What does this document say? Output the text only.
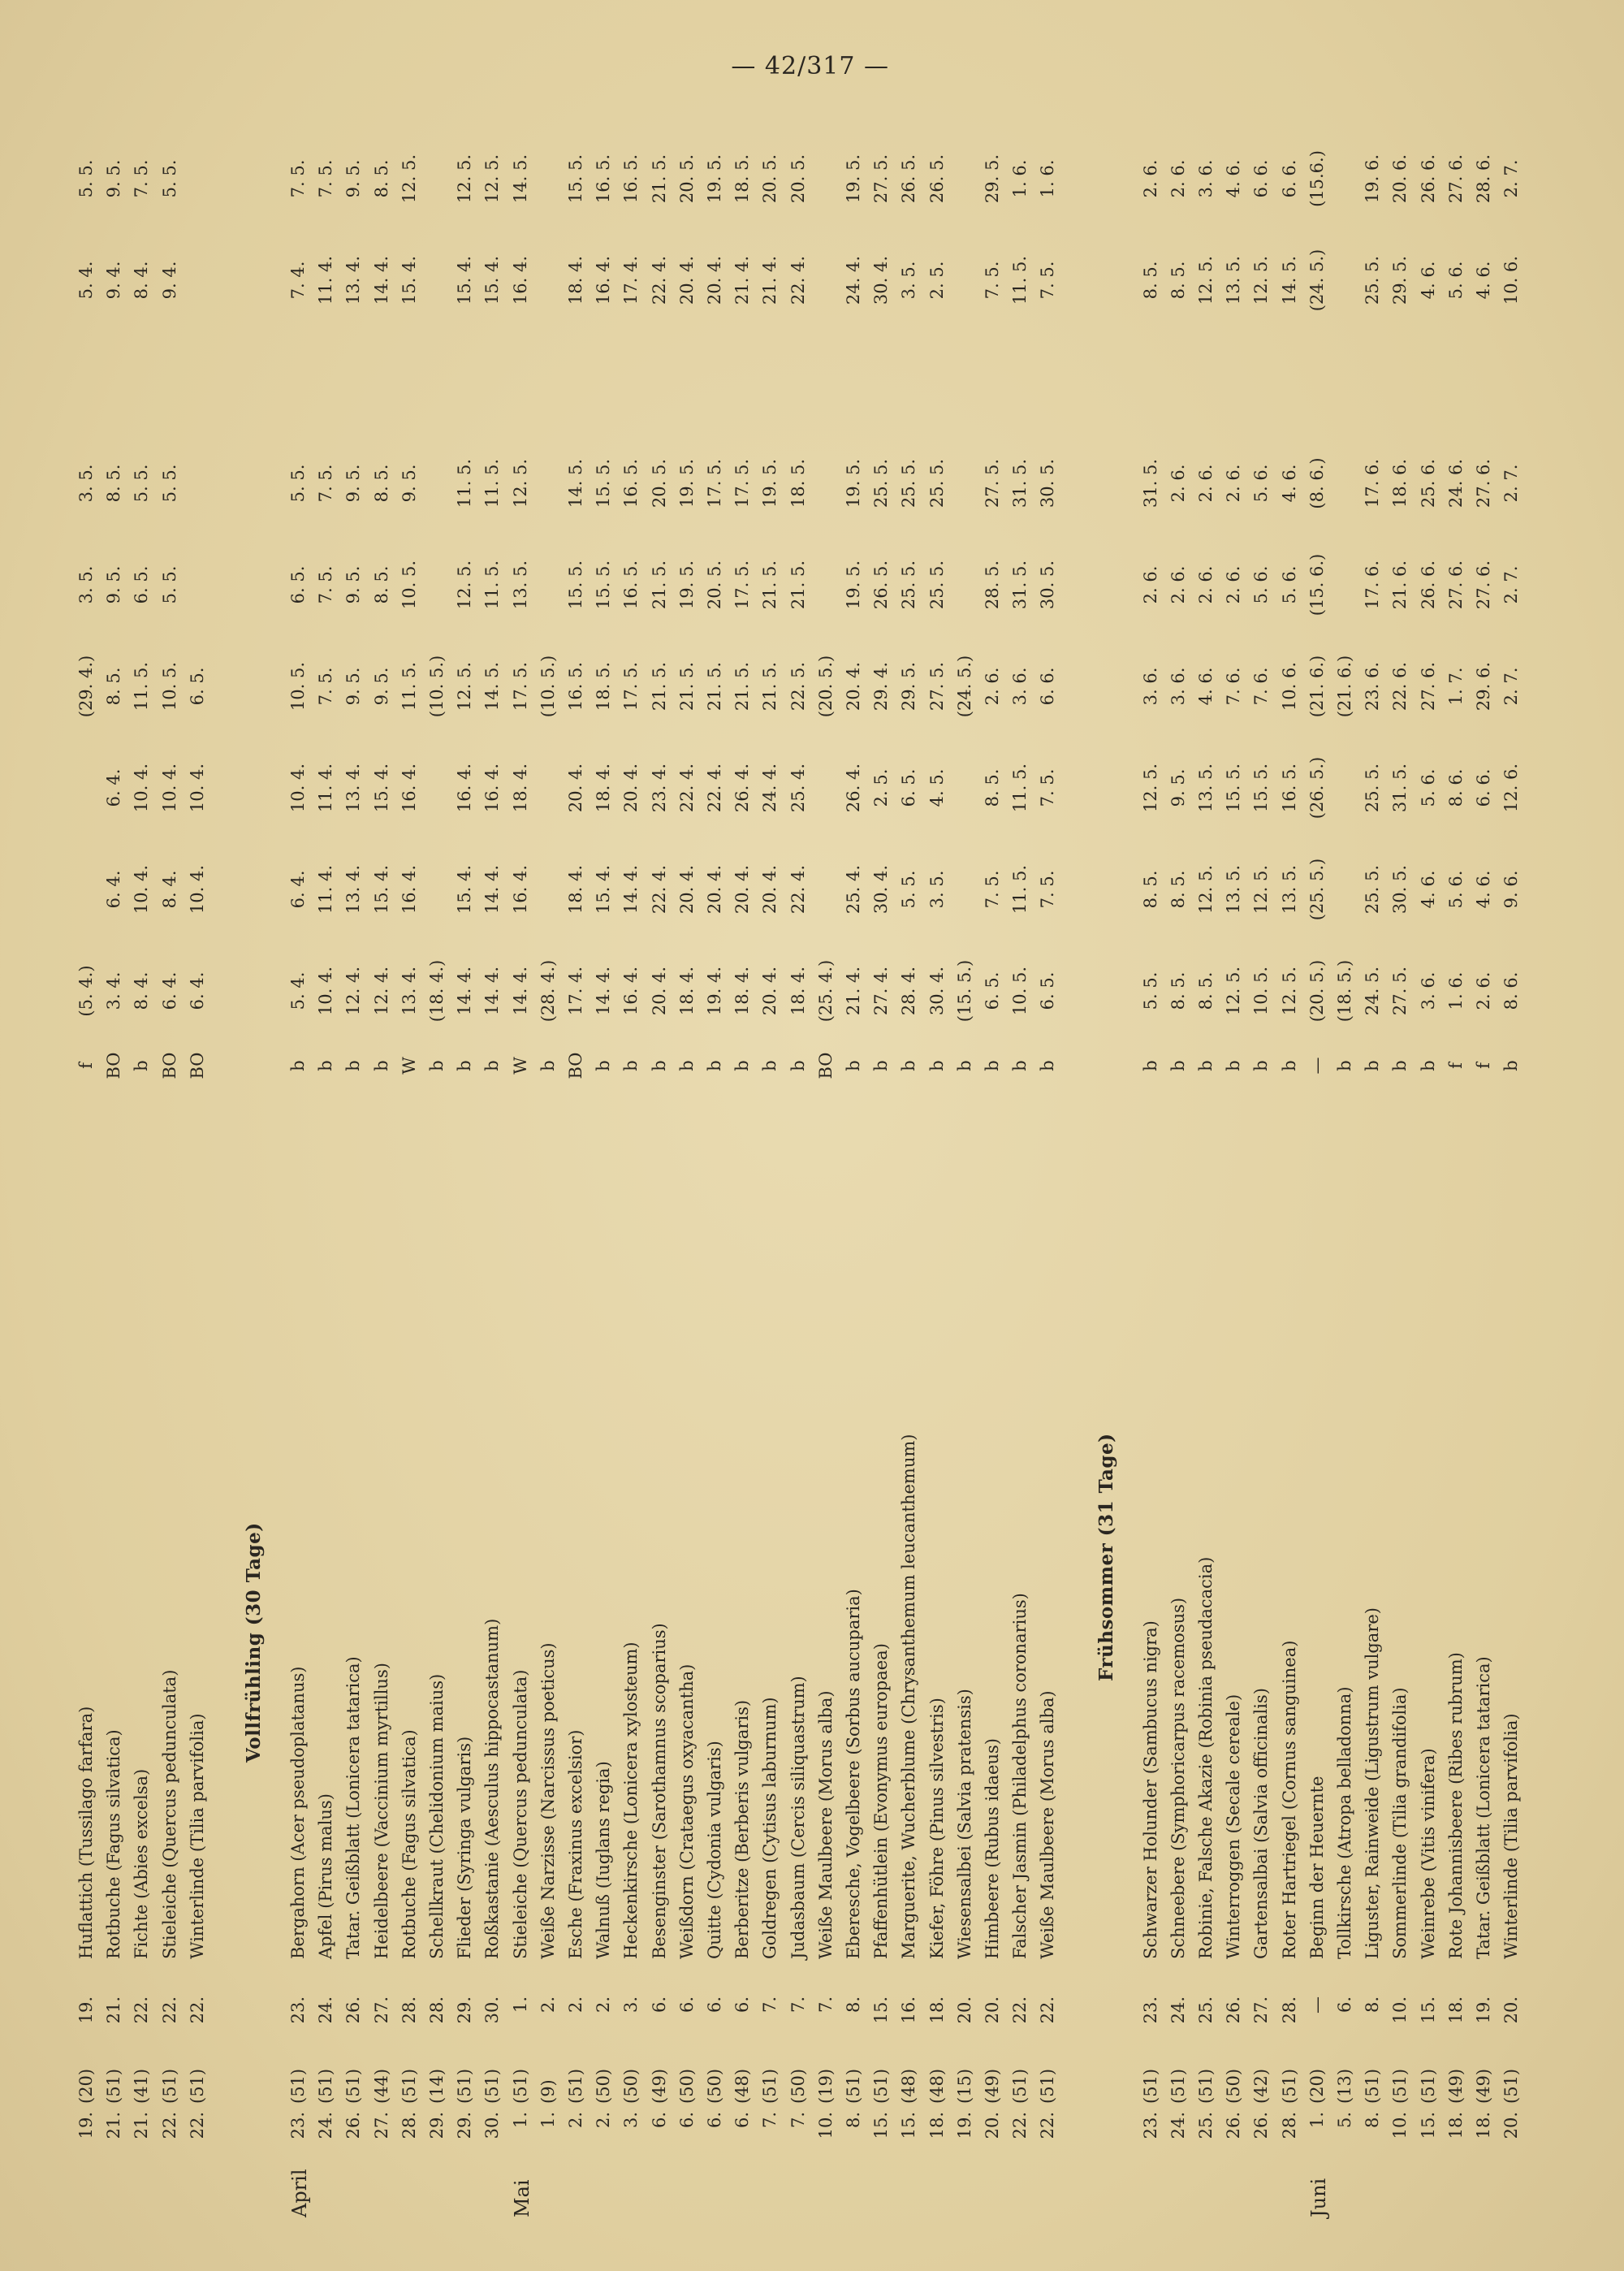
— 42/317 —
19.
(20)
19.
Huflattich (Tussilago farfara)
f
(5. 4.)
(29. 4.)
3. 5.
3. 5.
5. 4.
5. 5.
21.
(51)
21.
Rotbuche (Fagus silvatica)
BO
3. 4.
6. 4.
6. 4.
8. 5.
9. 5.
8. 5.
9. 4.
9. 5.
21.
(41)
22.
Fichte (Abies excelsa)
b
8. 4.
10. 4.
10. 4.
11. 5.
6. 5.
5. 5.
8. 4.
7. 5.
22.
(51)
22.
Stieleiche (Quercus pedunculata)
BO
6. 4.
8. 4.
10. 4.
10. 5.
5. 5.
5. 5.
9. 4.
5. 5.
22.
(51)
22.
Winterlinde (Tilia parvifolia)
BO
6. 4.
10. 4.
10. 4.
6. 5.
Vollfrühling (30 Tage)
April
23.
(51)
23.
Bergahorn (Acer pseudoplatanus)
b
5. 4.
6. 4.
10. 4.
10. 5.
6. 5.
5. 5.
7. 4.
7. 5.
24.
(51)
24.
Apfel (Pirus malus)
b
10. 4.
11. 4.
11. 4.
7. 5.
7. 5.
7. 5.
11. 4.
7. 5.
26.
(51)
26.
Tatar. Geißblatt (Lonicera tatarica)
b
12. 4.
13. 4.
13. 4.
9. 5.
9. 5.
9. 5.
13. 4.
9. 5.
27.
(44)
27.
Heidelbeere (Vaccinium myrtillus)
b
12. 4.
15. 4.
15. 4.
9. 5.
8. 5.
8. 5.
14. 4.
8. 5.
28.
(51)
28.
Rotbuche (Fagus silvatica)
W
13. 4.
16. 4.
16. 4.
11. 5.
10. 5.
9. 5.
15. 4.
12. 5.
29.
(14)
28.
Schellkraut (Chelidonium maius)
b
(18. 4.)
(10. 5.)
29.
(51)
29.
Flieder (Syringa vulgaris)
b
14. 4.
15. 4.
16. 4.
12. 5.
12. 5.
11. 5.
15. 4.
12. 5.
30.
(51)
30.
Roßkastanie (Aesculus hippocastanum)
b
14. 4.
14. 4.
16. 4.
14. 5.
11. 5.
11. 5.
15. 4.
12. 5.
Mai
1.
(51)
1.
Stieleiche (Quercus pedunculata)
W
14. 4.
16. 4.
18. 4.
17. 5.
13. 5.
12. 5.
16. 4.
14. 5.
1.
(9)
2.
Weiße Narzisse (Narcissus poeticus)
b
(28. 4.)
(10. 5.)
2.
(51)
2.
Esche (Fraxinus excelsior)
BO
17. 4.
18. 4.
20. 4.
16. 5.
15. 5.
14. 5.
18. 4.
15. 5.
2.
(50)
2.
Walnuß (Iuglans regia)
b
14. 4.
15. 4.
18. 4.
18. 5.
15. 5.
15. 5.
16. 4.
16. 5.
3.
(50)
3.
Heckenkirsche (Lonicera xylosteum)
b
16. 4.
14. 4.
20. 4.
17. 5.
16. 5.
16. 5.
17. 4.
16. 5.
6.
(49)
6.
Besenginster (Sarothamnus scoparius)
b
20. 4.
22. 4.
23. 4.
21. 5.
21. 5.
20. 5.
22. 4.
21. 5.
6.
(50)
6.
Weißdorn (Crataegus oxyacantha)
b
18. 4.
20. 4.
22. 4.
21. 5.
19. 5.
19. 5.
20. 4.
20. 5.
6.
(50)
6.
Quitte (Cydonia vulgaris)
b
19. 4.
20. 4.
22. 4.
21. 5.
20. 5.
17. 5.
20. 4.
19. 5.
6.
(48)
6.
Berberitze (Berberis vulgaris)
b
18. 4.
20. 4.
26. 4.
21. 5.
17. 5.
17. 5.
21. 4.
18. 5.
7.
(51)
7.
Goldregen (Cytisus laburnum)
b
20. 4.
20. 4.
24. 4.
21. 5.
21. 5.
19. 5.
21. 4.
20. 5.
7.
(50)
7.
Judasbaum (Cercis siliquastrum)
b
18. 4.
22. 4.
25. 4.
22. 5.
21. 5.
18. 5.
22. 4.
20. 5.
10.
(19)
7.
Weiße Maulbeere (Morus alba)
BO
(25. 4.)
(20. 5.)
8.
(51)
8.
Eberesche, Vogelbeere (Sorbus aucuparia)
b
21. 4.
25. 4.
26. 4.
20. 4.
19. 5.
19. 5.
24. 4.
19. 5.
15.
(51)
15.
Pfaffenhütlein (Evonymus europaea)
b
27. 4.
30. 4.
2. 5.
29. 4.
26. 5.
25. 5.
30. 4.
27. 5.
15.
(48)
16.
Marguerite, Wucherblume (Chrysanthemum leucanthemum)
b
28. 4.
5. 5.
6. 5.
29. 5.
25. 5.
25. 5.
3. 5.
26. 5.
18.
(48)
18.
Kiefer, Föhre (Pinus silvestris)
b
30. 4.
3. 5.
4. 5.
27. 5.
25. 5.
25. 5.
2. 5.
26. 5.
19.
(15)
20.
Wiesensalbei (Salvia pratensis)
b
(15. 5.)
(24. 5.)
20.
(49)
20.
Himbeere (Rubus idaeus)
b
6. 5.
7. 5.
8. 5.
2. 6.
28. 5.
27. 5.
7. 5.
29. 5.
22.
(51)
22.
Falscher Jasmin (Philadelphus coronarius)
b
10. 5.
11. 5.
11. 5.
3. 6.
31. 5.
31. 5.
11. 5.
1. 6.
22.
(51)
22.
Weiße Maulbeere (Morus alba)
b
6. 5.
7. 5.
7. 5.
6. 6.
30. 5.
30. 5.
7. 5.
1. 6.
Frühsommer (31 Tage)
23.
(51)
23.
Schwarzer Holunder (Sambucus nigra)
b
5. 5.
8. 5.
12. 5.
3. 6.
2. 6.
31. 5.
8. 5.
2. 6.
24.
(51)
24.
Schneebere (Symphoricarpus racemosus)
b
8. 5.
8. 5.
9. 5.
3. 6.
2. 6.
2. 6.
8. 5.
2. 6.
25.
(51)
25.
Robinie, Falsche Akazie (Robinia pseudacacia)
b
8. 5.
12. 5.
13. 5.
4. 6.
2. 6.
2. 6.
12. 5.
3. 6.
26.
(50)
26.
Winterroggen (Secale cereale)
b
12. 5.
13. 5.
15. 5.
7. 6.
2. 6.
2. 6.
13. 5.
4. 6.
26.
(42)
27.
Gartensalbai (Salvia officinalis)
b
10. 5.
12. 5.
15. 5.
7. 6.
5. 6.
5. 6.
12. 5.
6. 6.
28.
(51)
28.
Roter Hartriegel (Cornus sanguinea)
b
12. 5.
13. 5.
16. 5.
10. 6.
5. 6.
4. 6.
14. 5.
6. 6.
Juni
1.
(20)
—
Beginn der Heuernte
—
(20. 5.)
(25. 5.)
(26. 5.)
(21. 6.)
(15. 6.)
(8. 6.)
(24. 5.)
(15.6.)
5.
(13)
6.
Tollkirsche (Atropa belladonna)
b
(18. 5.)
(21. 6.)
8.
(51)
8.
Liguster, Rainweide (Ligustrum vulgare)
b
24. 5.
25. 5.
25. 5.
23. 6.
17. 6.
17. 6.
25. 5.
19. 6.
10.
(51)
10.
Sommerlinde (Tilia grandifolia)
b
27. 5.
30. 5.
31. 5.
22. 6.
21. 6.
18. 6.
29. 5.
20. 6.
15.
(51)
15.
Weinrebe (Vitis vinifera)
b
3. 6.
4. 6.
5. 6.
27. 6.
26. 6.
25. 6.
4. 6.
26. 6.
18.
(49)
18.
Rote Johannisbeere (Ribes rubrum)
f
1. 6.
5. 6.
8. 6.
1. 7.
27. 6.
24. 6.
5. 6.
27. 6.
18.
(49)
19.
Tatar. Geißblatt (Lonicera tatarica)
f
2. 6.
4. 6.
6. 6.
29. 6.
27. 6.
27. 6.
4. 6.
28. 6.
20.
(51)
20.
Winterlinde (Tilia parvifolia)
b
8. 6.
9. 6.
12. 6.
2. 7.
2. 7.
2. 7.
10. 6.
2. 7.
